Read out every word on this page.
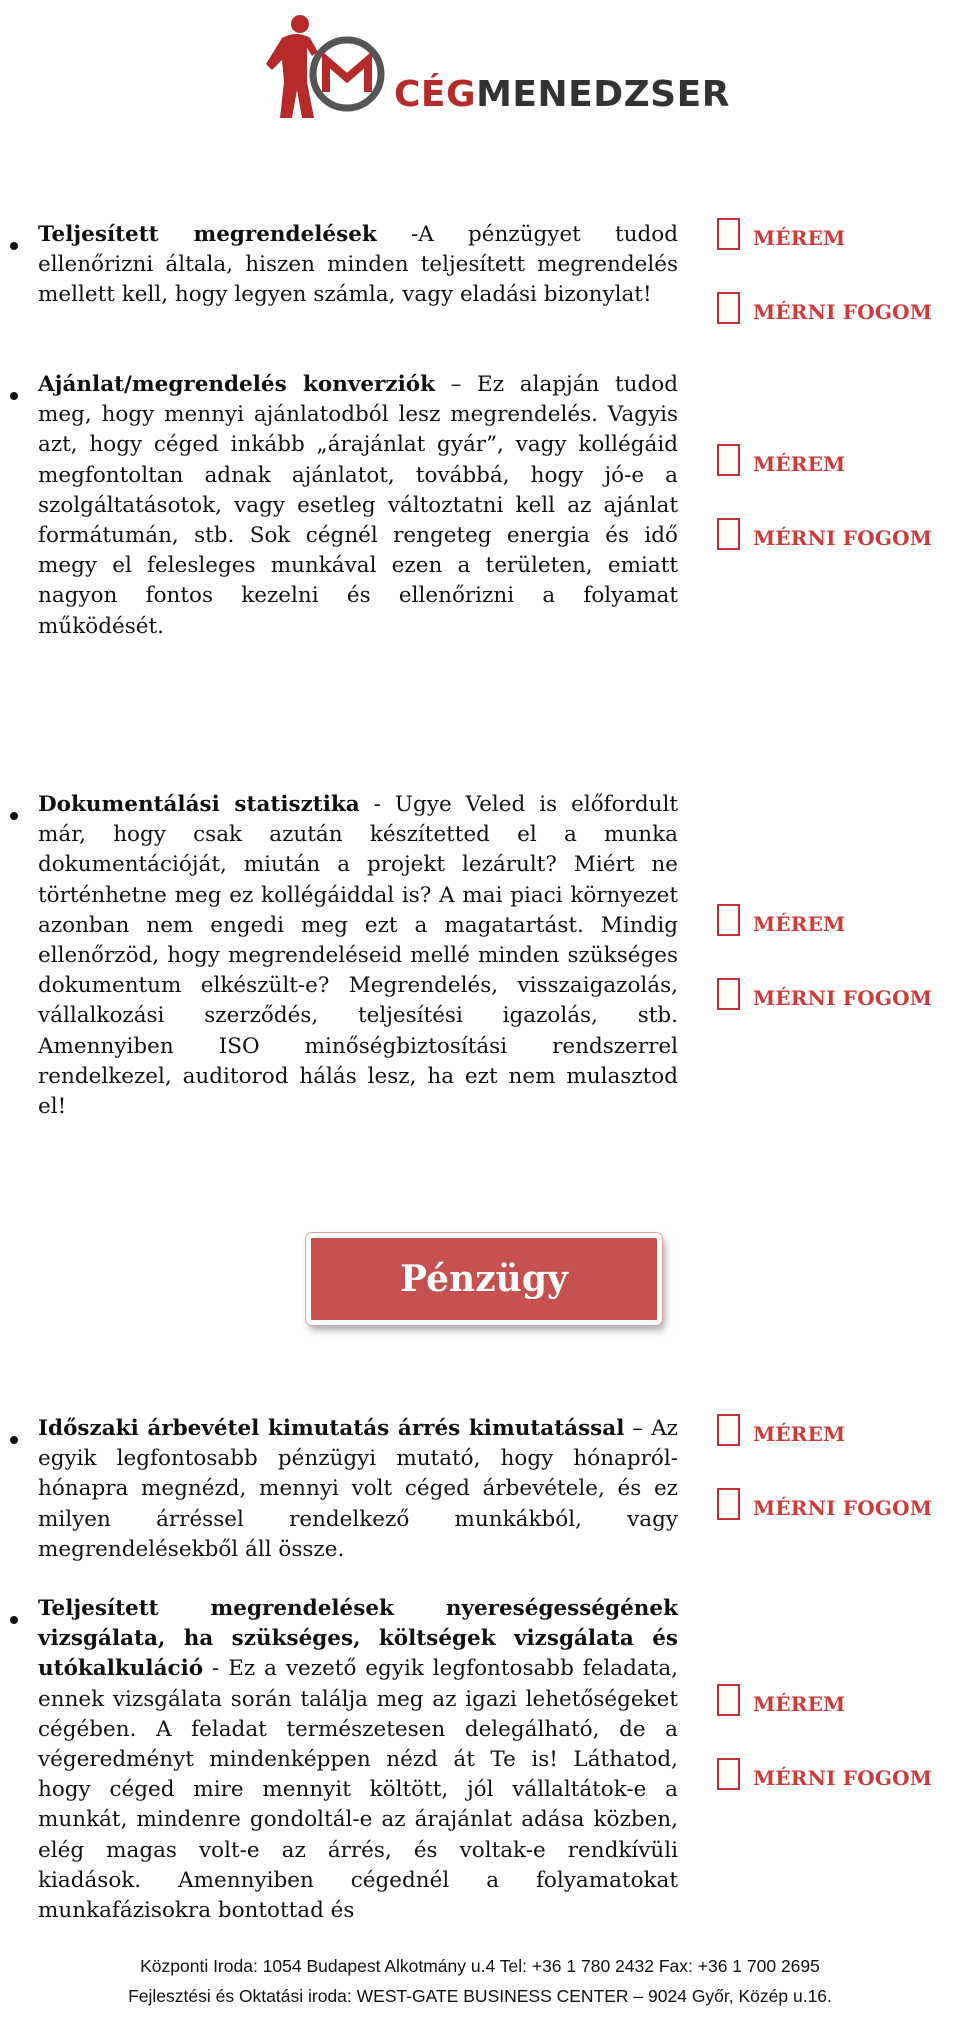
CÉGMENEDZSER
Teljesített megrendelések -A pénzügyet tudod ellenőrizni általa, hiszen minden teljesített megrendelés mellett kell, hogy legyen számla, vagy eladási bizonylat!
MÉREM
MÉRNI FOGOM
Ajánlat/megrendelés konverziók – Ez alapján tudod meg, hogy mennyi ajánlatodból lesz megrendelés. Vagyis azt, hogy céged inkább „árajánlat gyár”, vagy kollégáid megfontoltan adnak ajánlatot, továbbá, hogy jó-e a szolgáltatásotok, vagy esetleg változtatni kell az ajánlat formátumán, stb. Sok cégnél rengeteg energia és idő megy el felesleges munkával ezen a területen, emiatt nagyon fontos kezelni és ellenőrizni a folyamat működését.
MÉREM
MÉRNI FOGOM
Dokumentálási statisztika - Ugye Veled is előfordult már, hogy csak azután készítetted el a munka dokumentációját, miután a projekt lezárult? Miért ne történhetne meg ez kollégáiddal is? A mai piaci környezet azonban nem engedi meg ezt a magatartást. Mindig ellenőrzöd, hogy megrendeléseid mellé minden szükséges dokumentum elkészült-e? Megrendelés, visszaigazolás, vállalkozási szerződés, teljesítési igazolás, stb. Amennyiben ISO minőségbiztosítási rendszerrel rendelkezel, auditorod hálás lesz, ha ezt nem mulasztod el!
MÉREM
MÉRNI FOGOM
Pénzügy
Időszaki árbevétel kimutatás árrés kimutatással – Az egyik legfontosabb pénzügyi mutató, hogy hónapról-hónapra megnézd, mennyi volt céged árbevétele, és ez milyen árréssel rendelkező munkákból, vagy megrendelésekből áll össze.
MÉREM
MÉRNI FOGOM
Teljesített megrendelések nyereségességének vizsgálata, ha szükséges, költségek vizsgálata és utókalkuláció - Ez a vezető egyik legfontosabb feladata, ennek vizsgálata során találja meg az igazi lehetőségeket cégében. A feladat természetesen delegálható, de a végeredményt mindenképpen nézd át Te is! Láthatod, hogy céged mire mennyit költött, jól vállaltátok-e a munkát, mindenre gondoltál-e az árajánlat adása közben, elég magas volt-e az árrés, és voltak-e rendkívüli kiadások. Amennyiben cégednél a folyamatokat munkafázisokra bontottad és
MÉREM
MÉRNI FOGOM
Központi Iroda: 1054 Budapest Alkotmány u.4 Tel: +36 1 780 2432 Fax: +36 1 700 2695
Fejlesztési és Oktatási iroda: WEST-GATE BUSINESS CENTER – 9024 Győr, Közép u.16.
